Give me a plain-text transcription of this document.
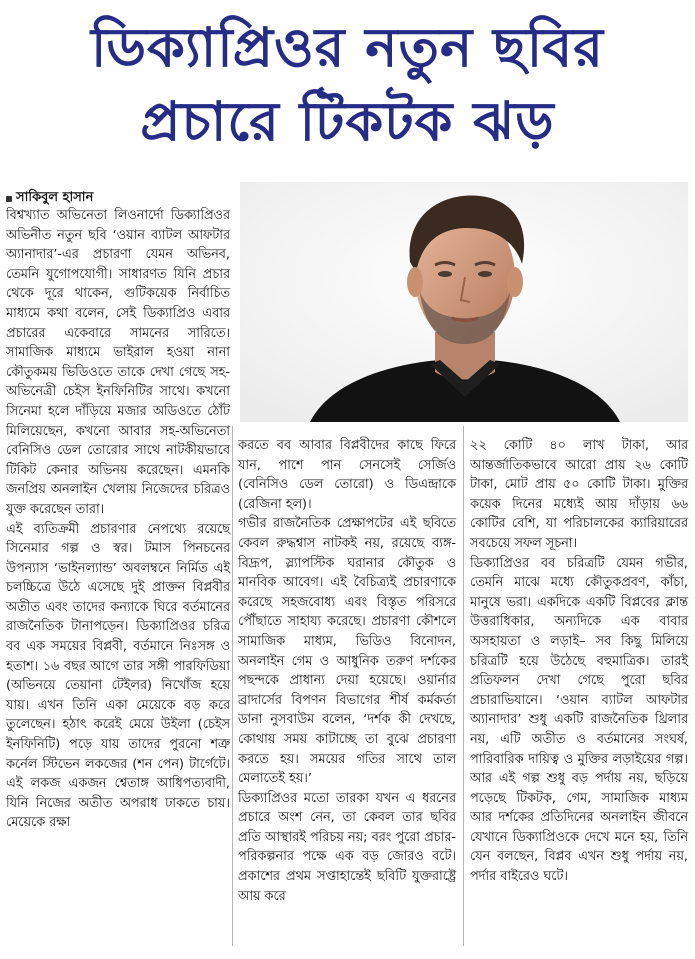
ডিক্যাপ্রিওর নতুন ছবির
প্রচারে টিকটক ঝড়
সাকিবুল হাসান

বিশ্বখ্যাত অভিনেতা লিওনার্দো ডিক্যাপ্রিওর অভিনীত নতুন ছবি ‘ওয়ান ব্যাটল আফটার অ্যানাদার’-এর প্রচারণা যেমন অভিনব, তেমনি যুগোপযোগী। সাধারণত যিনি প্রচার থেকে দূরে থাকেন, গুটিকয়েক নির্বাচিত মাধ্যমে কথা বলেন, সেই ডিক্যাপ্রিও এবার প্রচারের একেবারে সামনের সারিতে। সামাজিক মাধ্যমে ভাইরাল হওয়া নানা কৌতুকময় ভিডিওতে তাকে দেখা গেছে সহ-অভিনেত্রী চেইস ইনফিনিটির সাথে। কখনো সিনেমা হলে দাঁড়িয়ে মজার অডিওতে ঠোঁট মিলিয়েছেন, কখনো আবার সহ-অভিনেতা বেনিসিও ডেল তোরোর সাথে নাটকীয়ভাবে টিকিট কেনার অভিনয় করেছেন। এমনকি জনপ্রিয় অনলাইন খেলায় নিজেদের চরিত্রও যুক্ত করেছেন তারা।

এই ব্যতিক্রমী প্রচারণার নেপথ্যে রয়েছে সিনেমার গল্প ও স্বর। টমাস পিনচনের উপন্যাস ‘ভাইনল্যান্ড’ অবলম্বনে নির্মিত এই চলচ্চিত্রে উঠে এসেছে দুই প্রাক্তন বিপ্লবীর অতীত এবং তাদের কন্যাকে ঘিরে বর্তমানের রাজনৈতিক টানাপড়েন। ডিক্যাপ্রিওর চরিত্র বব এক সময়ের বিপ্লবী, বর্তমানে নিঃসঙ্গ ও হতাশ। ১৬ বছর আগে তার সঙ্গী পারফিডিয়া (অভিনয়ে তেয়ানা টেইলর) নিখোঁজ হয়ে যায়। এখন তিনি একা মেয়েকে বড় করে তুলেছেন। হঠাৎ করেই মেয়ে উইলা (চেইস ইনফিনিটি) পড়ে যায় তাদের পুরনো শত্রু কর্নেল স্টিভেন লকজের (শন পেন) টার্গেটে। এই লকজ একজন শ্বেতাঙ্গ আধিপত্যবাদী, যিনি নিজের অতীত অপরাধ ঢাকতে চায়। মেয়েকে রক্ষা

করতে বব আবার বিপ্লবীদের কাছে ফিরে যান, পাশে পান সেনসেই সের্জিও (বেনিসিও ডেল তোরো) ও ডিএন্দ্রাকে (রেজিনা হল)।

গভীর রাজনৈতিক প্রেক্ষাপটের এই ছবিতে কেবল রুদ্ধশ্বাস নাটকই নয়, রয়েছে ব্যঙ্গ-বিদ্রূপ, স্ল্যাপস্টিক ঘরানার কৌতুক ও মানবিক আবেগ। এই বৈচিত্র্যই প্রচারণাকে করেছে সহজবোধ্য এবং বিস্তৃত পরিসরে পৌঁছাতে সাহায্য করেছে। প্রচারণা কৌশলে সামাজিক মাধ্যম, ভিডিও বিনোদন, অনলাইন গেম ও আধুনিক তরুণ দর্শকের পছন্দকে প্রাধান্য দেয়া হয়েছে। ওয়ার্নার ব্রাদার্সের বিপণন বিভাগের শীর্ষ কর্মকর্তা ডানা নুসবাউম বলেন, ‘দর্শক কী দেখছে, কোথায় সময় কাটাচ্ছে তা বুঝে প্রচারণা করতে হয়। সময়ের গতির সাথে তাল মেলাতেই হয়।’

ডিক্যাপ্রিওর মতো তারকা যখন এ ধরনের প্রচারে অংশ নেন, তা কেবল তার ছবির প্রতি আস্থারই পরিচয় নয়; বরং পুরো প্রচার-পরিকল্পনার পক্ষে এক বড় জোরও বটে। প্রকাশের প্রথম সপ্তাহান্তেই ছবিটি যুক্তরাষ্ট্রে আয় করে

২২ কোটি ৪০ লাখ টাকা, আর আন্তর্জাতিকভাবে আরো প্রায় ২৬ কোটি টাকা, মোট প্রায় ৫০ কোটি টাকা। মুক্তির কয়েক দিনের মধ্যেই আয় দাঁড়ায় ৬৬ কোটির বেশি, যা পরিচালকের ক্যারিয়ারের সবচেয়ে সফল সূচনা।

ডিক্যাপ্রিওর বব চরিত্রটি যেমন গভীর, তেমনি মাঝে মধ্যে কৌতুকপ্রবণ, কাঁচা, মানুষে ভরা। একদিকে একটি বিপ্লবের ক্লান্ত উত্তরাধিকার, অন্যদিকে এক বাবার অসহায়তা ও লড়াই– সব কিছু মিলিয়ে চরিত্রটি হয়ে উঠেছে বহুমাত্রিক। তারই প্রতিফলন দেখা গেছে পুরো ছবির প্রচারাভিযানে। ‘ওয়ান ব্যাটল আফটার অ্যানাদার’ শুধু একটি রাজনৈতিক থ্রিলার নয়, এটি অতীত ও বর্তমানের সংঘর্ষ, পারিবারিক দায়িত্ব ও মুক্তির লড়াইয়ের গল্প। আর এই গল্প শুধু বড় পর্দায় নয়, ছড়িয়ে পড়েছে টিকটক, গেম, সামাজিক মাধ্যম আর দর্শকের প্রতিদিনের অনলাইন জীবনে যেখানে ডিক্যাপ্রিওকে দেখে মনে হয়, তিনি যেন বলছেন, বিপ্লব এখন শুধু পর্দায় নয়, পর্দার বাইরেও ঘটে।
